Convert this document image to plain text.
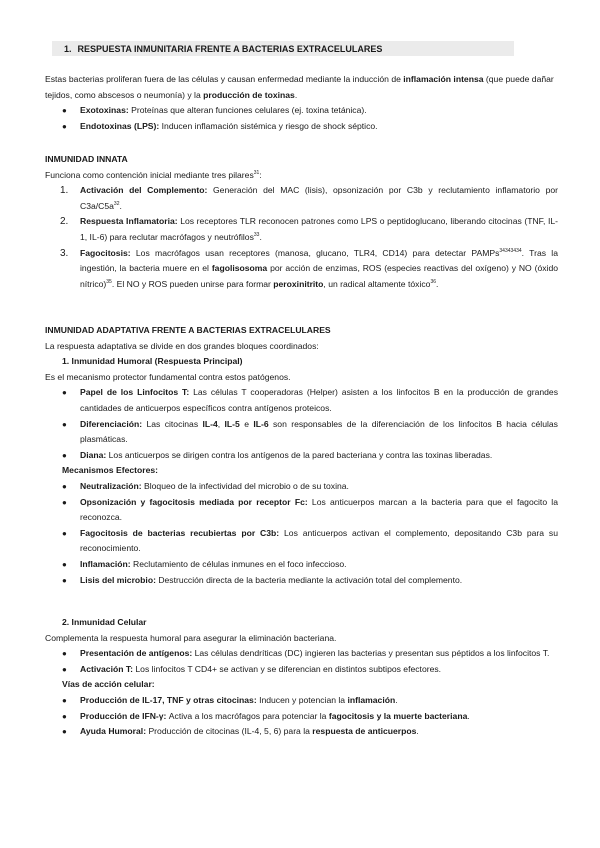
1. RESPUESTA INMUNITARIA FRENTE A BACTERIAS EXTRACELULARES

Estas bacterias proliferan fuera de las células y causan enfermedad mediante la inducción de inflamación intensa (que puede dañar tejidos, como abscesos o neumonía) y la producción de toxinas.

● Exotoxinas: Proteínas que alteran funciones celulares (ej. toxina tetánica).
● Endotoxinas (LPS): Inducen inflamación sistémica y riesgo de shock séptico.

INMUNIDAD INNATA

Funciona como contención inicial mediante tres pilares$^{31}$:

1. Activación del Complemento: Generación del MAC (lisis), opsonización por C3b y reclutamiento inflamatorio por $C3a/C5a^{32}$.
2. Respuesta Inflamatoria: Los receptores TLR reconocen patrones como LPS o peptidoglucano, liberando citocinas (TNF, IL-1, IL-6) para reclutar macrófagos y neutrófilos$^{33}$.
3. Fagocitosis: Los macrófagos usan receptores (manosa, glucano, TLR4, CD14) para detectar PAMPs$^{34343434}$. Tras la ingestión, la bacteria muere en el fagolisosoma por acción de enzimas, ROS (especies reactivas del oxígeno) y NO (óxido nítrico)$^{35}$. El NO y ROS pueden unirse para formar peroxinitrito, un radical altamente tóxico$^{36}$.

INMUNIDAD ADAPTATIVA FRENTE A BACTERIAS EXTRACELULARES

La respuesta adaptativa se divide en dos grandes bloques coordinados:

1. Inmunidad Humoral (Respuesta Principal)

Es el mecanismo protector fundamental contra estos patógenos.

● Papel de los Linfocitos T: Las células T cooperadoras (Helper) asisten a los linfocitos B en la producción de grandes cantidades de anticuerpos específicos contra antígenos proteicos.
● Diferenciación: Las citocinas IL-4, IL-5 e IL-6 son responsables de la diferenciación de los linfocitos B hacia células plasmáticas.
● Diana: Los anticuerpos se dirigen contra los antígenos de la pared bacteriana y contra las toxinas liberadas.

Mecanismos Efectores:

● Neutralización: Bloqueo de la infectividad del microbio o de su toxina.
● Opsonización y fagocitosis mediada por receptor Fc: Los anticuerpos marcan a la bacteria para que el fagocito la reconozca.
● Fagocitosis de bacterias recubiertas por C3b: Los anticuerpos activan el complemento, depositando C3b para su reconocimiento.
● Inflamación: Reclutamiento de células inmunes en el foco infeccioso.
● Lisis del microbio: Destrucción directa de la bacteria mediante la activación total del complemento.

2. Inmunidad Celular

Complementa la respuesta humoral para asegurar la eliminación bacteriana.

● Presentación de antígenos: Las células dendríticas (DC) ingieren las bacterias y presentan sus péptidos a los linfocitos T.
● Activación T: Los linfocitos T CD4+ se activan y se diferencian en distintos subtipos efectores.

Vías de acción celular:

● Producción de IL-17, TNF y otras citocinas: Inducen y potencian la inflamación.
● Producción de IFN-γ: Activa a los macrófagos para potenciar la fagocitosis y la muerte bacteriana.
● Ayuda Humoral: Producción de citocinas (IL-4, 5, 6) para la respuesta de anticuerpos.
